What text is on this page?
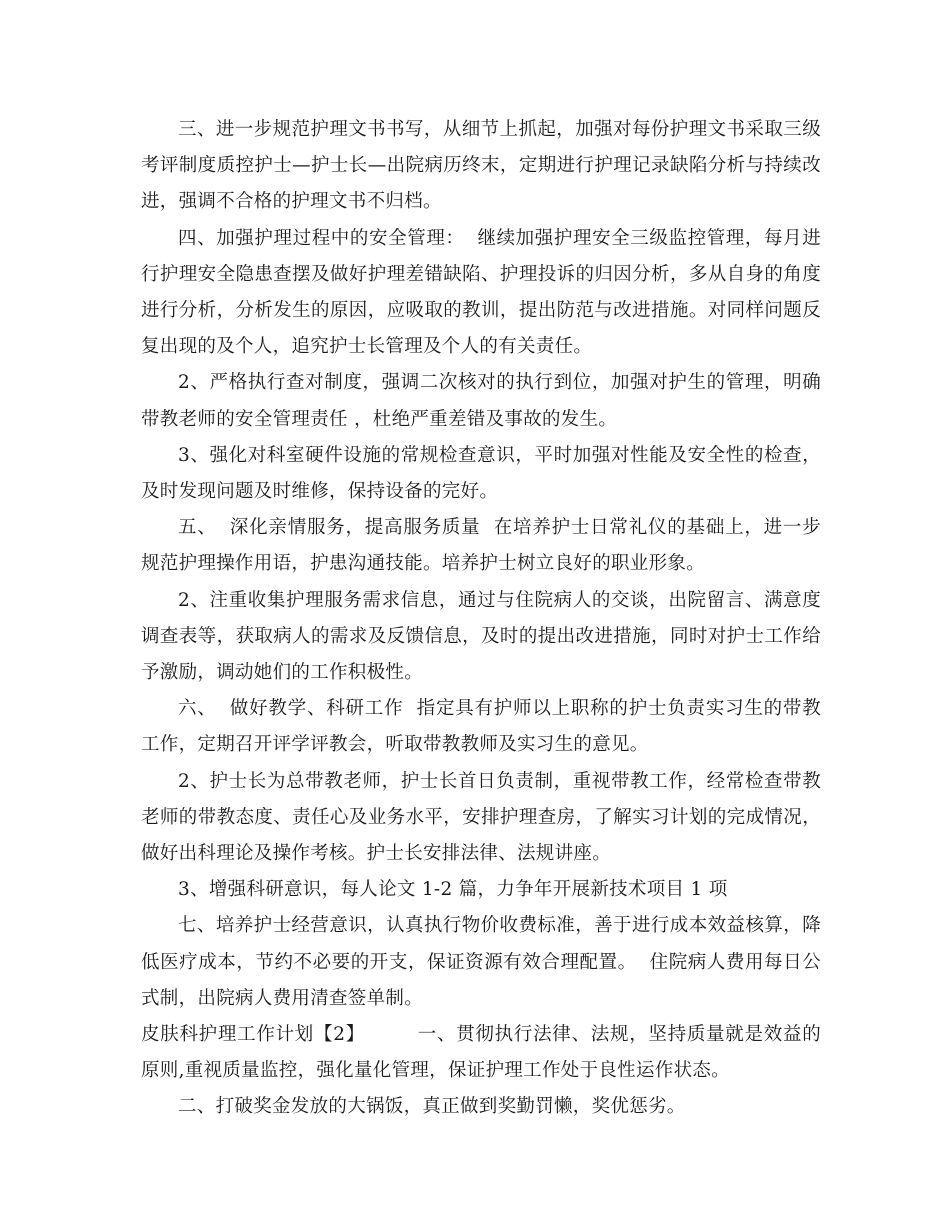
三、进一步规范护理文书书写，从细节上抓起，加强对每份护理文书采取三级考评制度质控护士—护士长—出院病历终末，定期进行护理记录缺陷分析与持续改进，强调不合格的护理文书不归档。

四、加强护理过程中的安全管理：  继续加强护理安全三级监控管理，每月进行护理安全隐患查摆及做好护理差错缺陷、护理投诉的归因分析，多从自身的角度进行分析，分析发生的原因，应吸取的教训，提出防范与改进措施。对同样问题反复出现的及个人，追究护士长管理及个人的有关责任。

2、严格执行查对制度，强调二次核对的执行到位，加强对护生的管理，明确带教老师的安全管理责任 ，杜绝严重差错及事故的发生。

3、强化对科室硬件设施的常规检查意识，平时加强对性能及安全性的检查，及时发现问题及时维修，保持设备的完好。

五、  深化亲情服务，提高服务质量  在培养护士日常礼仪的基础上，进一步规范护理操作用语，护患沟通技能。培养护士树立良好的职业形象。

2、注重收集护理服务需求信息，通过与住院病人的交谈，出院留言、满意度调查表等，获取病人的需求及反馈信息，及时的提出改进措施，同时对护士工作给予激励，调动她们的工作积极性。

六、  做好教学、科研工作  指定具有护师以上职称的护士负责实习生的带教工作，定期召开评学评教会，听取带教教师及实习生的意见。

2、护士长为总带教老师，护士长首日负责制，重视带教工作，经常检查带教老师的带教态度、责任心及业务水平，安排护理查房，了解实习计划的完成情况，做好出科理论及操作考核。护士长安排法律、法规讲座。

3、增强科研意识，每人论文 1-2 篇，力争年开展新技术项目 1 项

七、培养护士经营意识，认真执行物价收费标准，善于进行成本效益核算，降低医疗成本，节约不必要的开支，保证资源有效合理配置。  住院病人费用每日公式制，出院病人费用清查签单制。

皮肤科护理工作计划【2】        一、贯彻执行法律、法规，坚持质量就是效益的原则,重视质量监控，强化量化管理，保证护理工作处于良性运作状态。

二、打破奖金发放的大锅饭，真正做到奖勤罚懒，奖优惩劣。
